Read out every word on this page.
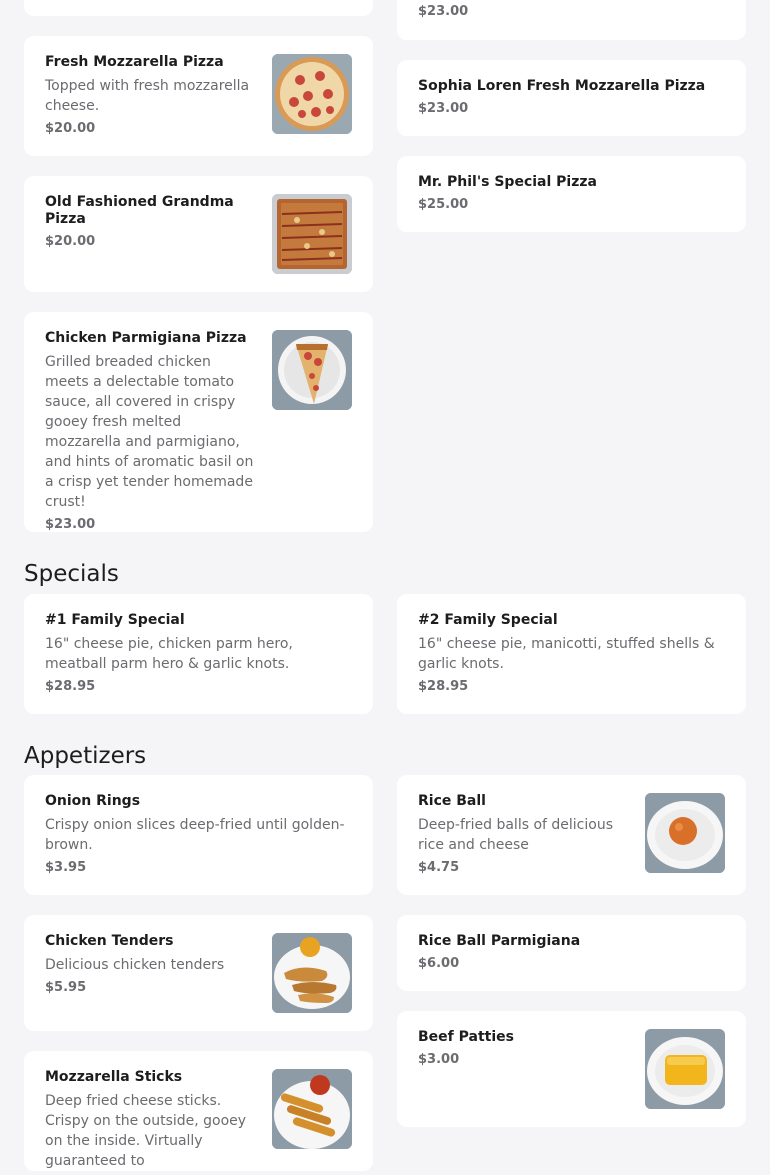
$23.00
Sophia Loren Fresh Mozzarella Pizza
$23.00
Mr. Phil's Special Pizza
$25.00
Fresh Mozzarella Pizza
Topped with fresh mozzarella cheese.
$20.00
Old Fashioned Grandma Pizza
$20.00
Chicken Parmigiana Pizza
Grilled breaded chicken meets a delectable tomato sauce, all covered in crispy gooey fresh melted mozzarella and parmigiano, and hints of aromatic basil on a crisp yet tender homemade crust!
$23.00
Specials
#1 Family Special
16" cheese pie, chicken parm hero, meatball parm hero & garlic knots.
$28.95
#2 Family Special
16" cheese pie, manicotti, stuffed shells & garlic knots.
$28.95
Appetizers
Onion Rings
Crispy onion slices deep-fried until golden-brown.
$3.95
Rice Ball
Deep-fried balls of delicious rice and cheese
$4.75
Chicken Tenders
Delicious chicken tenders
$5.95
Rice Ball Parmigiana
$6.00
Beef Patties
$3.00
Mozzarella Sticks
Deep fried cheese sticks. Crispy on the outside, gooey on the inside. Virtually guaranteed to
